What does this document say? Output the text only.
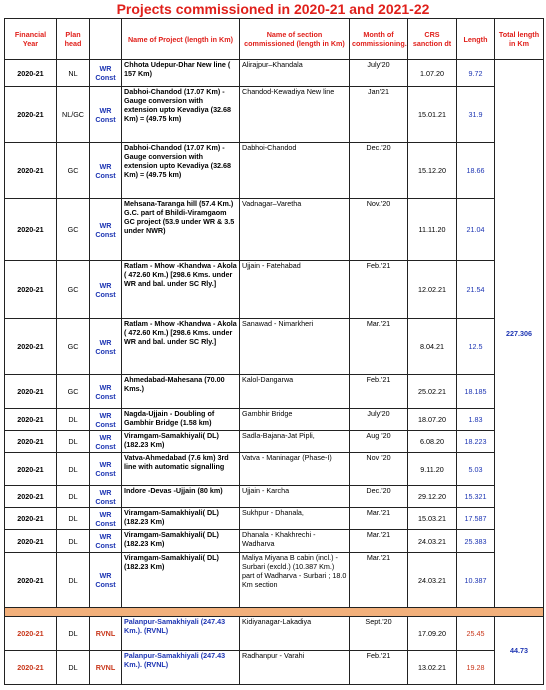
Projects commissioned in 2020-21 and 2021-22
Financial Year	Plan head		Name of Project (length in Km)	Name of section commissioned (length in Km)	Month of commissioning.	CRS sanction dt	Length	Total length in Km
2020-21	NL	WR Const	Chhota Udepur-Dhar New line ( 157 Km)	Alirajpur–Khandala	July'20	1.07.20	9.72	227.306
2020-21	NL/GC	WR Const	Dabhoi-Chandod (17.07 Km) - Gauge conversion with extension upto Kevadiya (32.68 Km) = (49.75 km)	Chandod-Kewadiya New line	Jan'21	15.01.21	31.9	
2020-21	GC	WR Const	Dabhoi-Chandod (17.07 Km) - Gauge conversion with extension upto Kevadiya (32.68 Km) = (49.75 km)	Dabhoi-Chandod	Dec.'20	15.12.20	18.66	
2020-21	GC	WR Const	Mehsana-Taranga hill (57.4 Km.) G.C. part of Bhildi-Viramgaom GC project (53.9 under WR & 3.5 under NWR)	Vadnagar–Varetha	Nov.'20	11.11.20	21.04	
2020-21	GC	WR Const	Ratlam - Mhow -Khandwa - Akola ( 472.60 Km.) [298.6 Kms. under WR and bal. under SC Rly.]	Ujjain - Fatehabad	Feb.'21	12.02.21	21.54	
2020-21	GC	WR Const	Ratlam - Mhow -Khandwa - Akola ( 472.60 Km.) [298.6 Kms. under WR and bal. under SC Rly.]	Sanawad - Nimarkheri	Mar.'21	8.04.21	12.5	
2020-21	GC	WR Const	Ahmedabad-Mahesana (70.00 Kms.)	Kalol-Dangarwa	Feb.'21	25.02.21	18.185	
2020-21	DL	WR Const	Nagda-Ujjain - Doubling of Gambhir Bridge (1.58 km)	Gambhir Bridge	July'20	18.07.20	1.83	
2020-21	DL	WR Const	Viramgam-Samakhiyali( DL) (182.23 Km)	Sadla-Bajana-Jat Pipli,	Aug '20	6.08.20	18.223	
2020-21	DL	WR Const	Vatva-Ahmedabad (7.6 km) 3rd line with automatic signalling	Vatva - Maninagar (Phase-I)	Nov '20	9.11.20	5.03	
2020-21	DL	WR Const	Indore -Devas -Ujjain (80 km)	Ujjain - Karcha	Dec.'20	29.12.20	15.321	
2020-21	DL	WR Const	Viramgam-Samakhiyali( DL) (182.23 Km)	Sukhpur - Dhanala,	Mar.'21	15.03.21	17.587	
2020-21	DL	WR Const	Viramgam-Samakhiyali( DL) (182.23 Km)	Dhanala - Khakhrechi - Wadharva	Mar.'21	24.03.21	25.383	
2020-21	DL	WR Const	Viramgam-Samakhiyali( DL) (182.23 Km)	Maliya Miyana B cabin (incl.) - Surbari (excld.) (10.387 Km.) part of Wadharva - Surbari ; 18.0 Km section	Mar.'21	24.03.21	10.387	

2020-21	DL	RVNL	Palanpur-Samakhiyali (247.43 Km.). (RVNL)	Kidiyanagar-Lakadiya	Sept.'20	17.09.20	25.45	44.73
2020-21	DL	RVNL	Palanpur-Samakhiyali (247.43 Km.). (RVNL)	Radhanpur - Varahi	Feb.'21	13.02.21	19.28	
